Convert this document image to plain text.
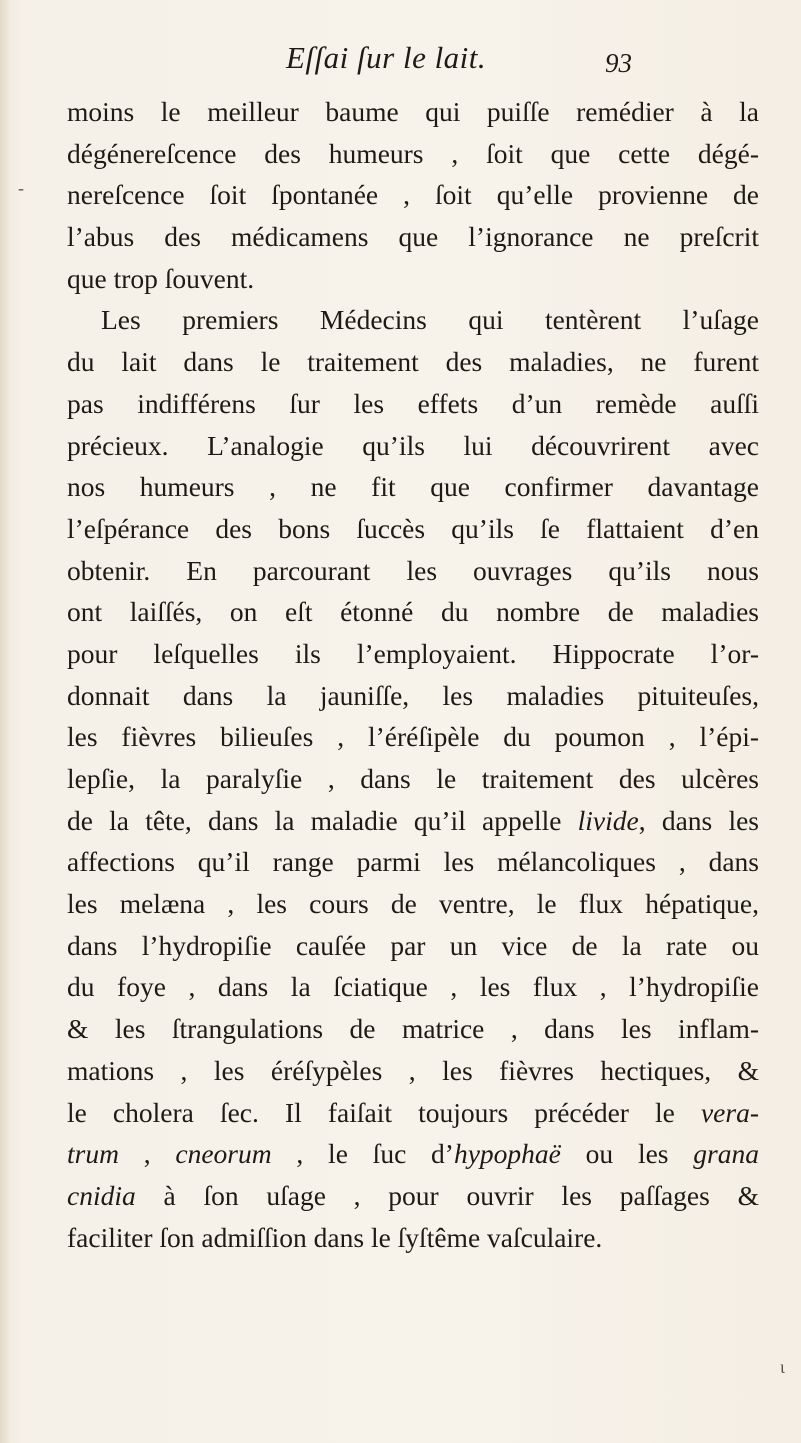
Eſſai ſur le lait.	93
moins le meilleur baume qui puiſſe remédier à la
dégénereſcence des humeurs , ſoit que cette dégé-
nereſcence ſoit ſpontanée , ſoit qu’elle provienne de
l’abus des médicamens que l’ignorance ne preſcrit
que trop ſouvent.
Les premiers Médecins qui tentèrent l’uſage
du lait dans le traitement des maladies, ne furent
pas indifférens ſur les effets d’un remède auſſi
précieux. L’analogie qu’ils lui découvrirent avec
nos humeurs , ne fit que confirmer davantage
l’eſpérance des bons ſuccès qu’ils ſe flattaient d’en
obtenir. En parcourant les ouvrages qu’ils nous
ont laiſſés, on eſt étonné du nombre de maladies
pour leſquelles ils l’employaient. Hippocrate l’or-
donnait dans la jauniſſe, les maladies pituiteuſes,
les fièvres bilieuſes , l’éréſipèle du poumon , l’épi-
lepſie, la paralyſie , dans le traitement des ulcères
de la tête, dans la maladie qu’il appelle livide, dans les
affections qu’il range parmi les mélancoliques , dans
les melæna , les cours de ventre, le flux hépatique,
dans l’hydropiſie cauſée par un vice de la rate ou
du foye , dans la ſciatique , les flux , l’hydropiſie
& les ſtrangulations de matrice , dans les inflam-
mations , les éréſypèles , les fièvres hectiques, &
le cholera ſec. Il faiſait toujours précéder le vera-
trum , cneorum , le ſuc d’hypophaë ou les grana
cnidia à ſon uſage , pour ouvrir les paſſages &
faciliter ſon admiſſion dans le ſyſtême vaſculaire.
-
ɩ
